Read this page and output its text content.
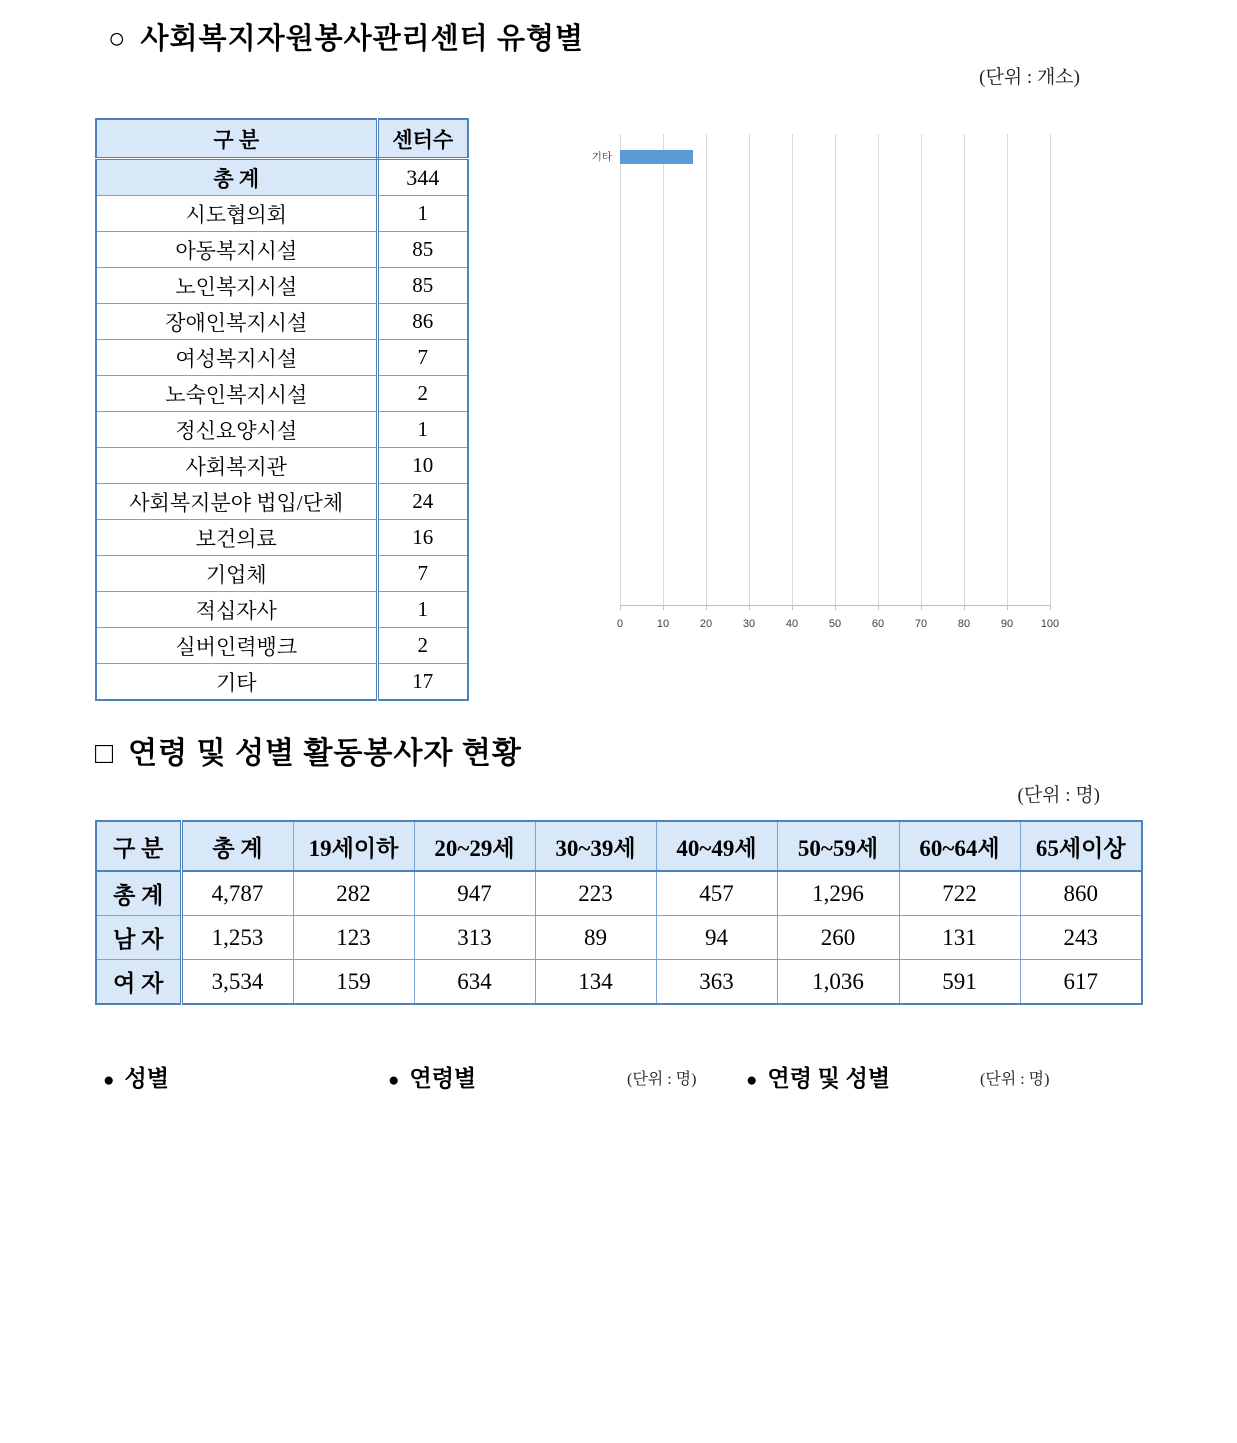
○ 사회복지자원봉사관리센터 유형별
(단위 : 개소)
구 분	센터수
총 계	344
시도협의회	1
아동복지시설	85
노인복지시설	85
장애인복지시설	86
여성복지시설	7
노숙인복지시설	2
정신요양시설	1
사회복지관	10
사회복지분야 법입/단체	24
보건의료	16
기업체	7
적십자사	1
실버인력뱅크	2
기타	17
0	10	20	30	40	50	60	70	80	90	100
기타
□ 연령 및 성별 활동봉사자 현황
(단위 : 명)
구 분	총 계	19세이하	20~29세	30~39세	40~49세	50~59세	60~64세	65세이상
총 계	4,787	282	947	223	457	1,296	722	860
남 자	1,253	123	313	89	94	260	131	243
여 자	3,534	159	634	134	363	1,036	591	617
● 성별	● 연령별	(단위 : 명)	● 연령 및 성별	(단위 : 명)
